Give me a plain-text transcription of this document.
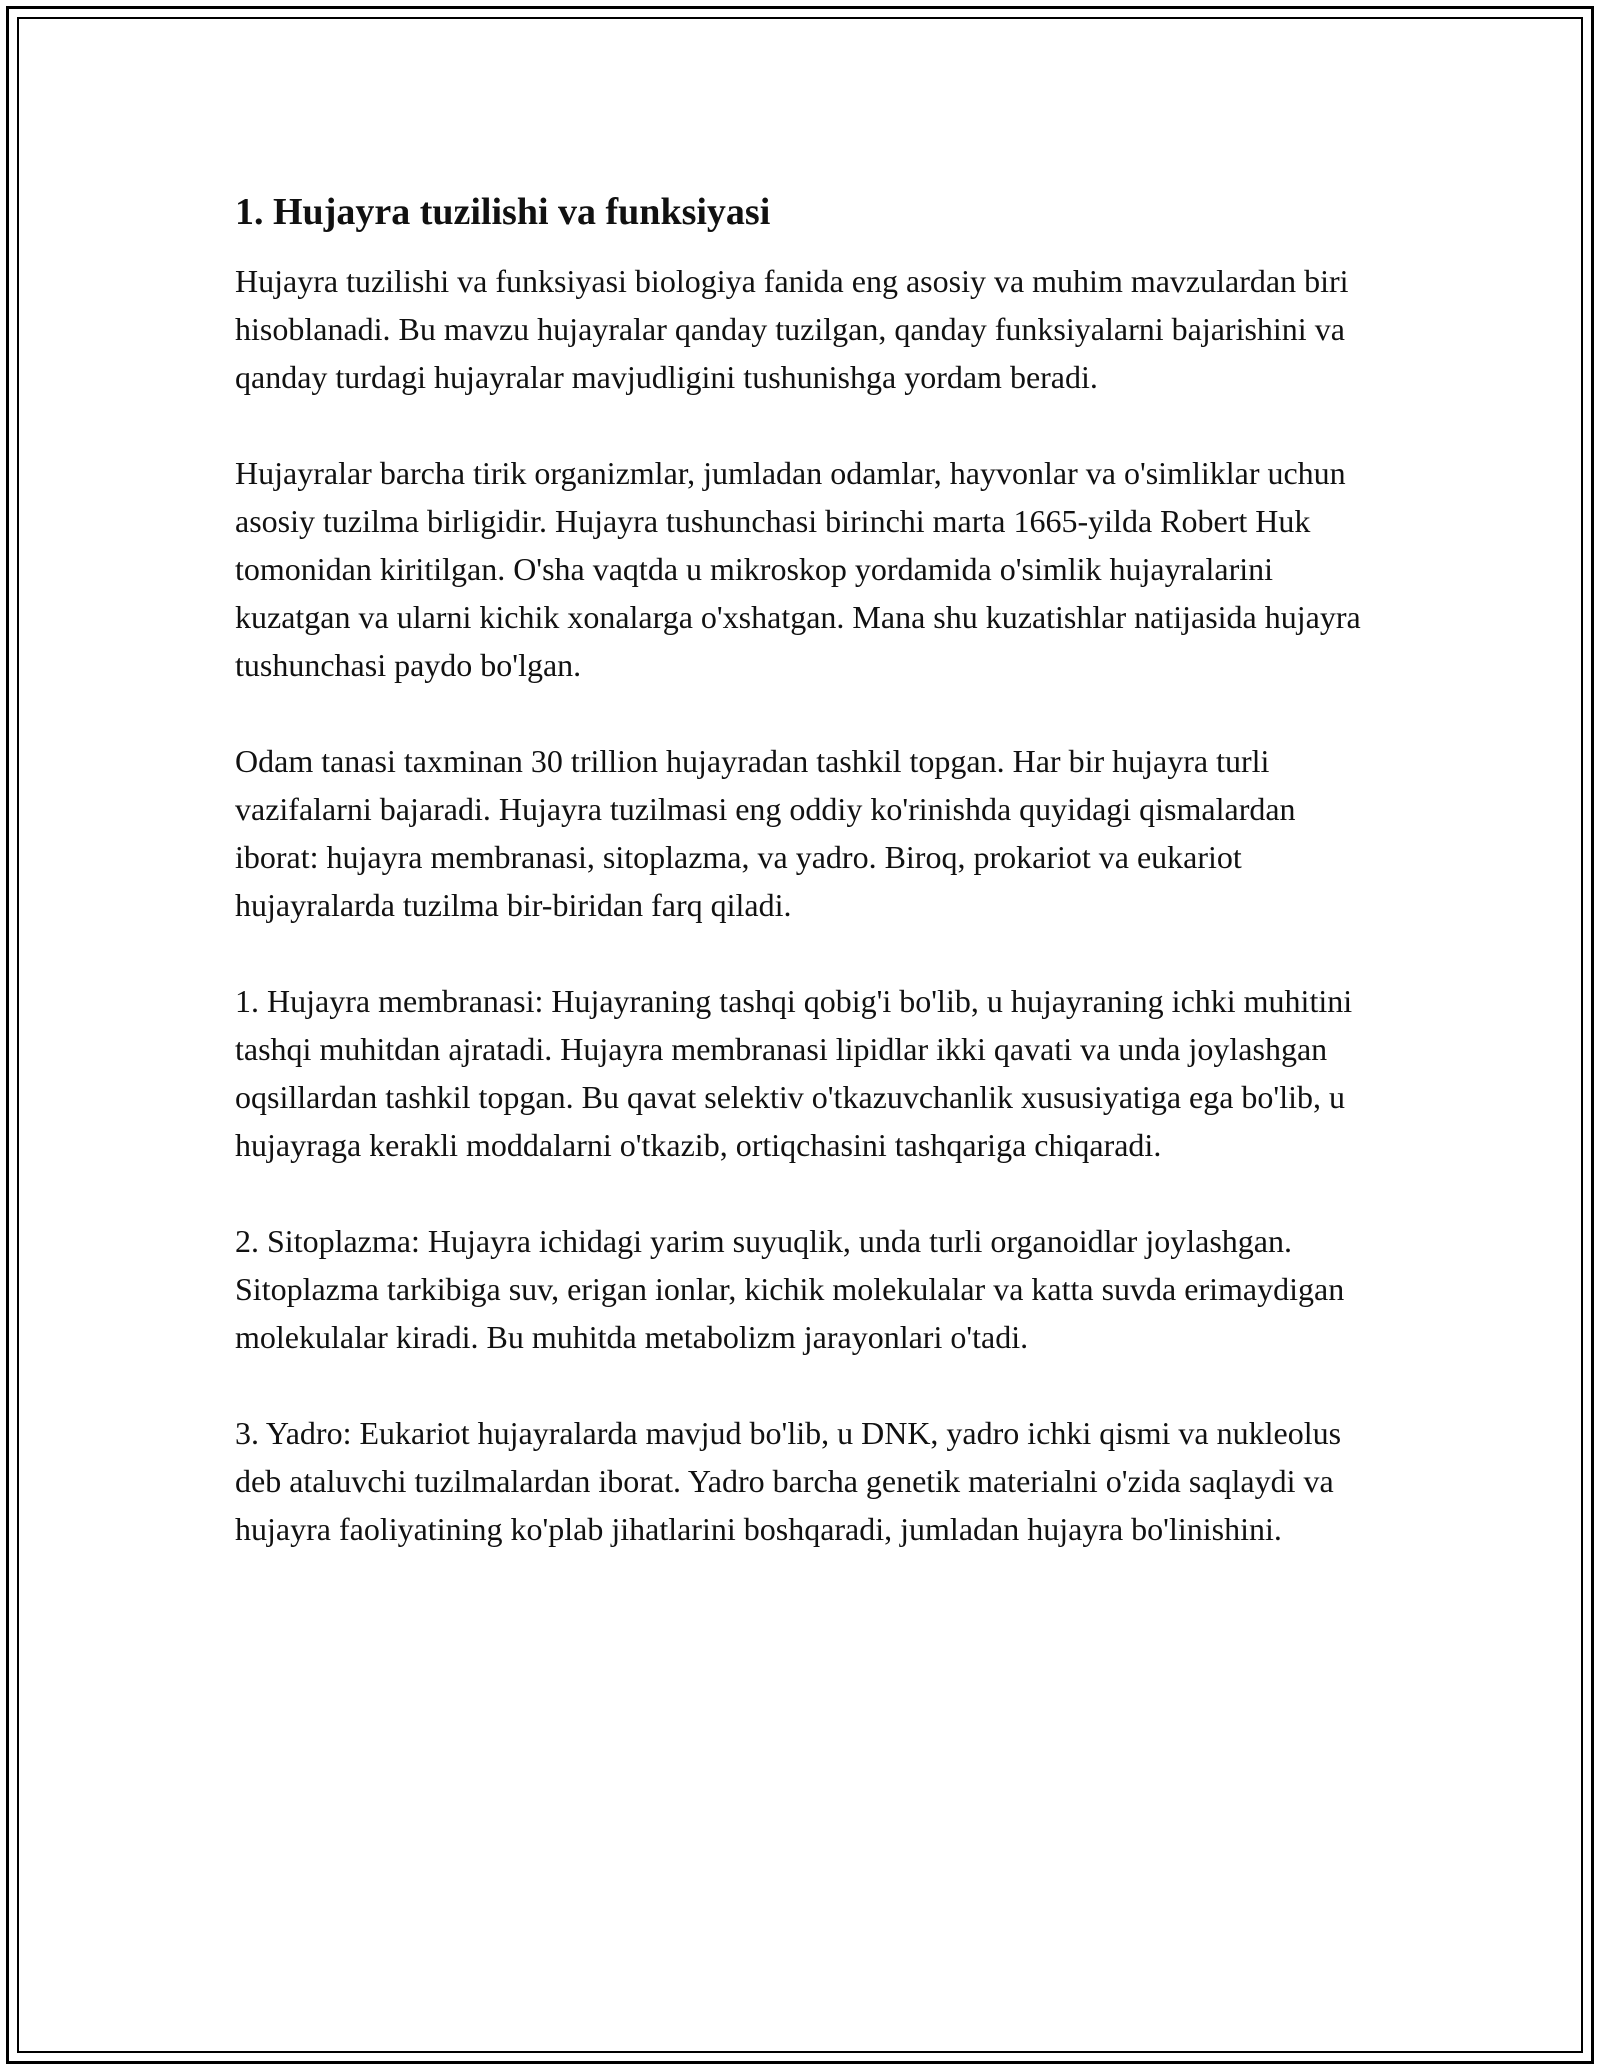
1. Hujayra tuzilishi va funksiyasi

Hujayra tuzilishi va funksiyasi biologiya fanida eng asosiy va muhim mavzulardan biri hisoblanadi. Bu mavzu hujayralar qanday tuzilgan, qanday funksiyalarni bajarishini va qanday turdagi hujayralar mavjudligini tushunishga yordam beradi.

Hujayralar barcha tirik organizmlar, jumladan odamlar, hayvonlar va o'simliklar uchun asosiy tuzilma birligidir. Hujayra tushunchasi birinchi marta 1665-yilda Robert Huk tomonidan kiritilgan. O'sha vaqtda u mikroskop yordamida o'simlik hujayralarini kuzatgan va ularni kichik xonalarga o'xshatgan. Mana shu kuzatishlar natijasida hujayra tushunchasi paydo bo'lgan.

Odam tanasi taxminan 30 trillion hujayradan tashkil topgan. Har bir hujayra turli vazifalarni bajaradi. Hujayra tuzilmasi eng oddiy ko'rinishda quyidagi qismalardan iborat: hujayra membranasi, sitoplazma, va yadro. Biroq, prokariot va eukariot hujayralarda tuzilma bir-biridan farq qiladi.

1. Hujayra membranasi: Hujayraning tashqi qobig'i bo'lib, u hujayraning ichki muhitini tashqi muhitdan ajratadi. Hujayra membranasi lipidlar ikki qavati va unda joylashgan oqsillardan tashkil topgan. Bu qavat selektiv o'tkazuvchanlik xususiyatiga ega bo'lib, u hujayraga kerakli moddalarni o'tkazib, ortiqchasini tashqariga chiqaradi.

2. Sitoplazma: Hujayra ichidagi yarim suyuqlik, unda turli organoidlar joylashgan. Sitoplazma tarkibiga suv, erigan ionlar, kichik molekulalar va katta suvda erimaydigan molekulalar kiradi. Bu muhitda metabolizm jarayonlari o'tadi.

3. Yadro: Eukariot hujayralarda mavjud bo'lib, u DNK, yadro ichki qismi va nukleolus deb ataluvchi tuzilmalardan iborat. Yadro barcha genetik materialni o'zida saqlaydi va hujayra faoliyatining ko'plab jihatlarini boshqaradi, jumladan hujayra bo'linishini.
